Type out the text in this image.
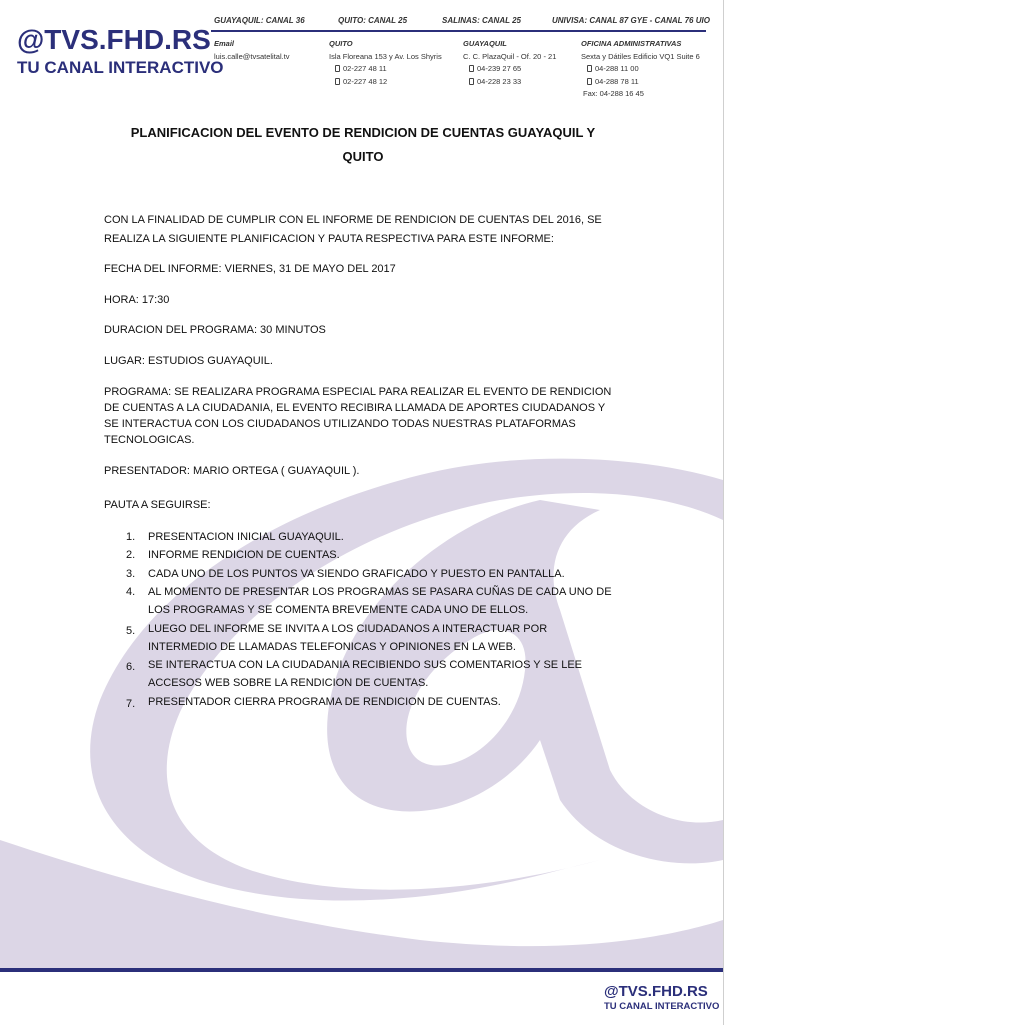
@TVS.FHD.RS
TU CANAL INTERACTIVO
GUAYAQUIL: CANAL 36	QUITO: CANAL 25	SALINAS: CANAL 25	UNIVISA: CANAL 87 GYE - CANAL 76 UIO
Email
luis.calle@tvsatelital.tv
QUITO
Isla Floreana 153 y Av. Los Shyris
02-227 48 11
02-227 48 12
GUAYAQUIL
C. C. PlazaQuil - Of. 20 - 21
04-239 27 65
04-228 23 33
OFICINA ADMINISTRATIVAS
Sexta y Dátiles Edificio VQ1 Suite 6
04-288 11 00
04-288 78 11
Fax: 04-288 16 45
PLANIFICACION DEL EVENTO DE RENDICION DE CUENTAS GUAYAQUIL Y
QUITO
CON LA FINALIDAD DE CUMPLIR CON EL INFORME DE RENDICION DE CUENTAS DEL 2016, SE
REALIZA LA SIGUIENTE PLANIFICACION Y PAUTA RESPECTIVA PARA ESTE INFORME:
FECHA DEL INFORME: VIERNES, 31 DE MAYO DEL 2017
HORA: 17:30
DURACION DEL PROGRAMA: 30 MINUTOS
LUGAR: ESTUDIOS GUAYAQUIL.
PROGRAMA: SE REALIZARA PROGRAMA ESPECIAL PARA REALIZAR EL EVENTO DE RENDICION
DE CUENTAS A LA CIUDADANIA, EL EVENTO RECIBIRA LLAMADA DE APORTES CIUDADANOS Y
SE INTERACTUA CON LOS CIUDADANOS UTILIZANDO TODAS NUESTRAS PLATAFORMAS
TECNOLOGICAS.
PRESENTADOR: MARIO ORTEGA ( GUAYAQUIL ).
PAUTA A SEGUIRSE:
1. PRESENTACION INICIAL GUAYAQUIL.
2. INFORME RENDICION DE CUENTAS.
3. CADA UNO DE LOS PUNTOS VA SIENDO GRAFICADO Y PUESTO EN PANTALLA.
4. AL MOMENTO DE PRESENTAR LOS PROGRAMAS SE PASARA CUÑAS DE CADA UNO DE
LOS PROGRAMAS Y SE COMENTA BREVEMENTE CADA UNO DE ELLOS.
5. LUEGO DEL INFORME SE INVITA A LOS CIUDADANOS A INTERACTUAR POR
INTERMEDIO DE LLAMADAS TELEFONICAS Y OPINIONES EN LA WEB.
6. SE INTERACTUA CON LA CIUDADANIA RECIBIENDO SUS COMENTARIOS Y SE LEE
ACCESOS WEB SOBRE LA RENDICION DE CUENTAS.
7. PRESENTADOR CIERRA PROGRAMA DE RENDICION DE CUENTAS.
@TVS.FHD.RS
TU CANAL INTERACTIVO
